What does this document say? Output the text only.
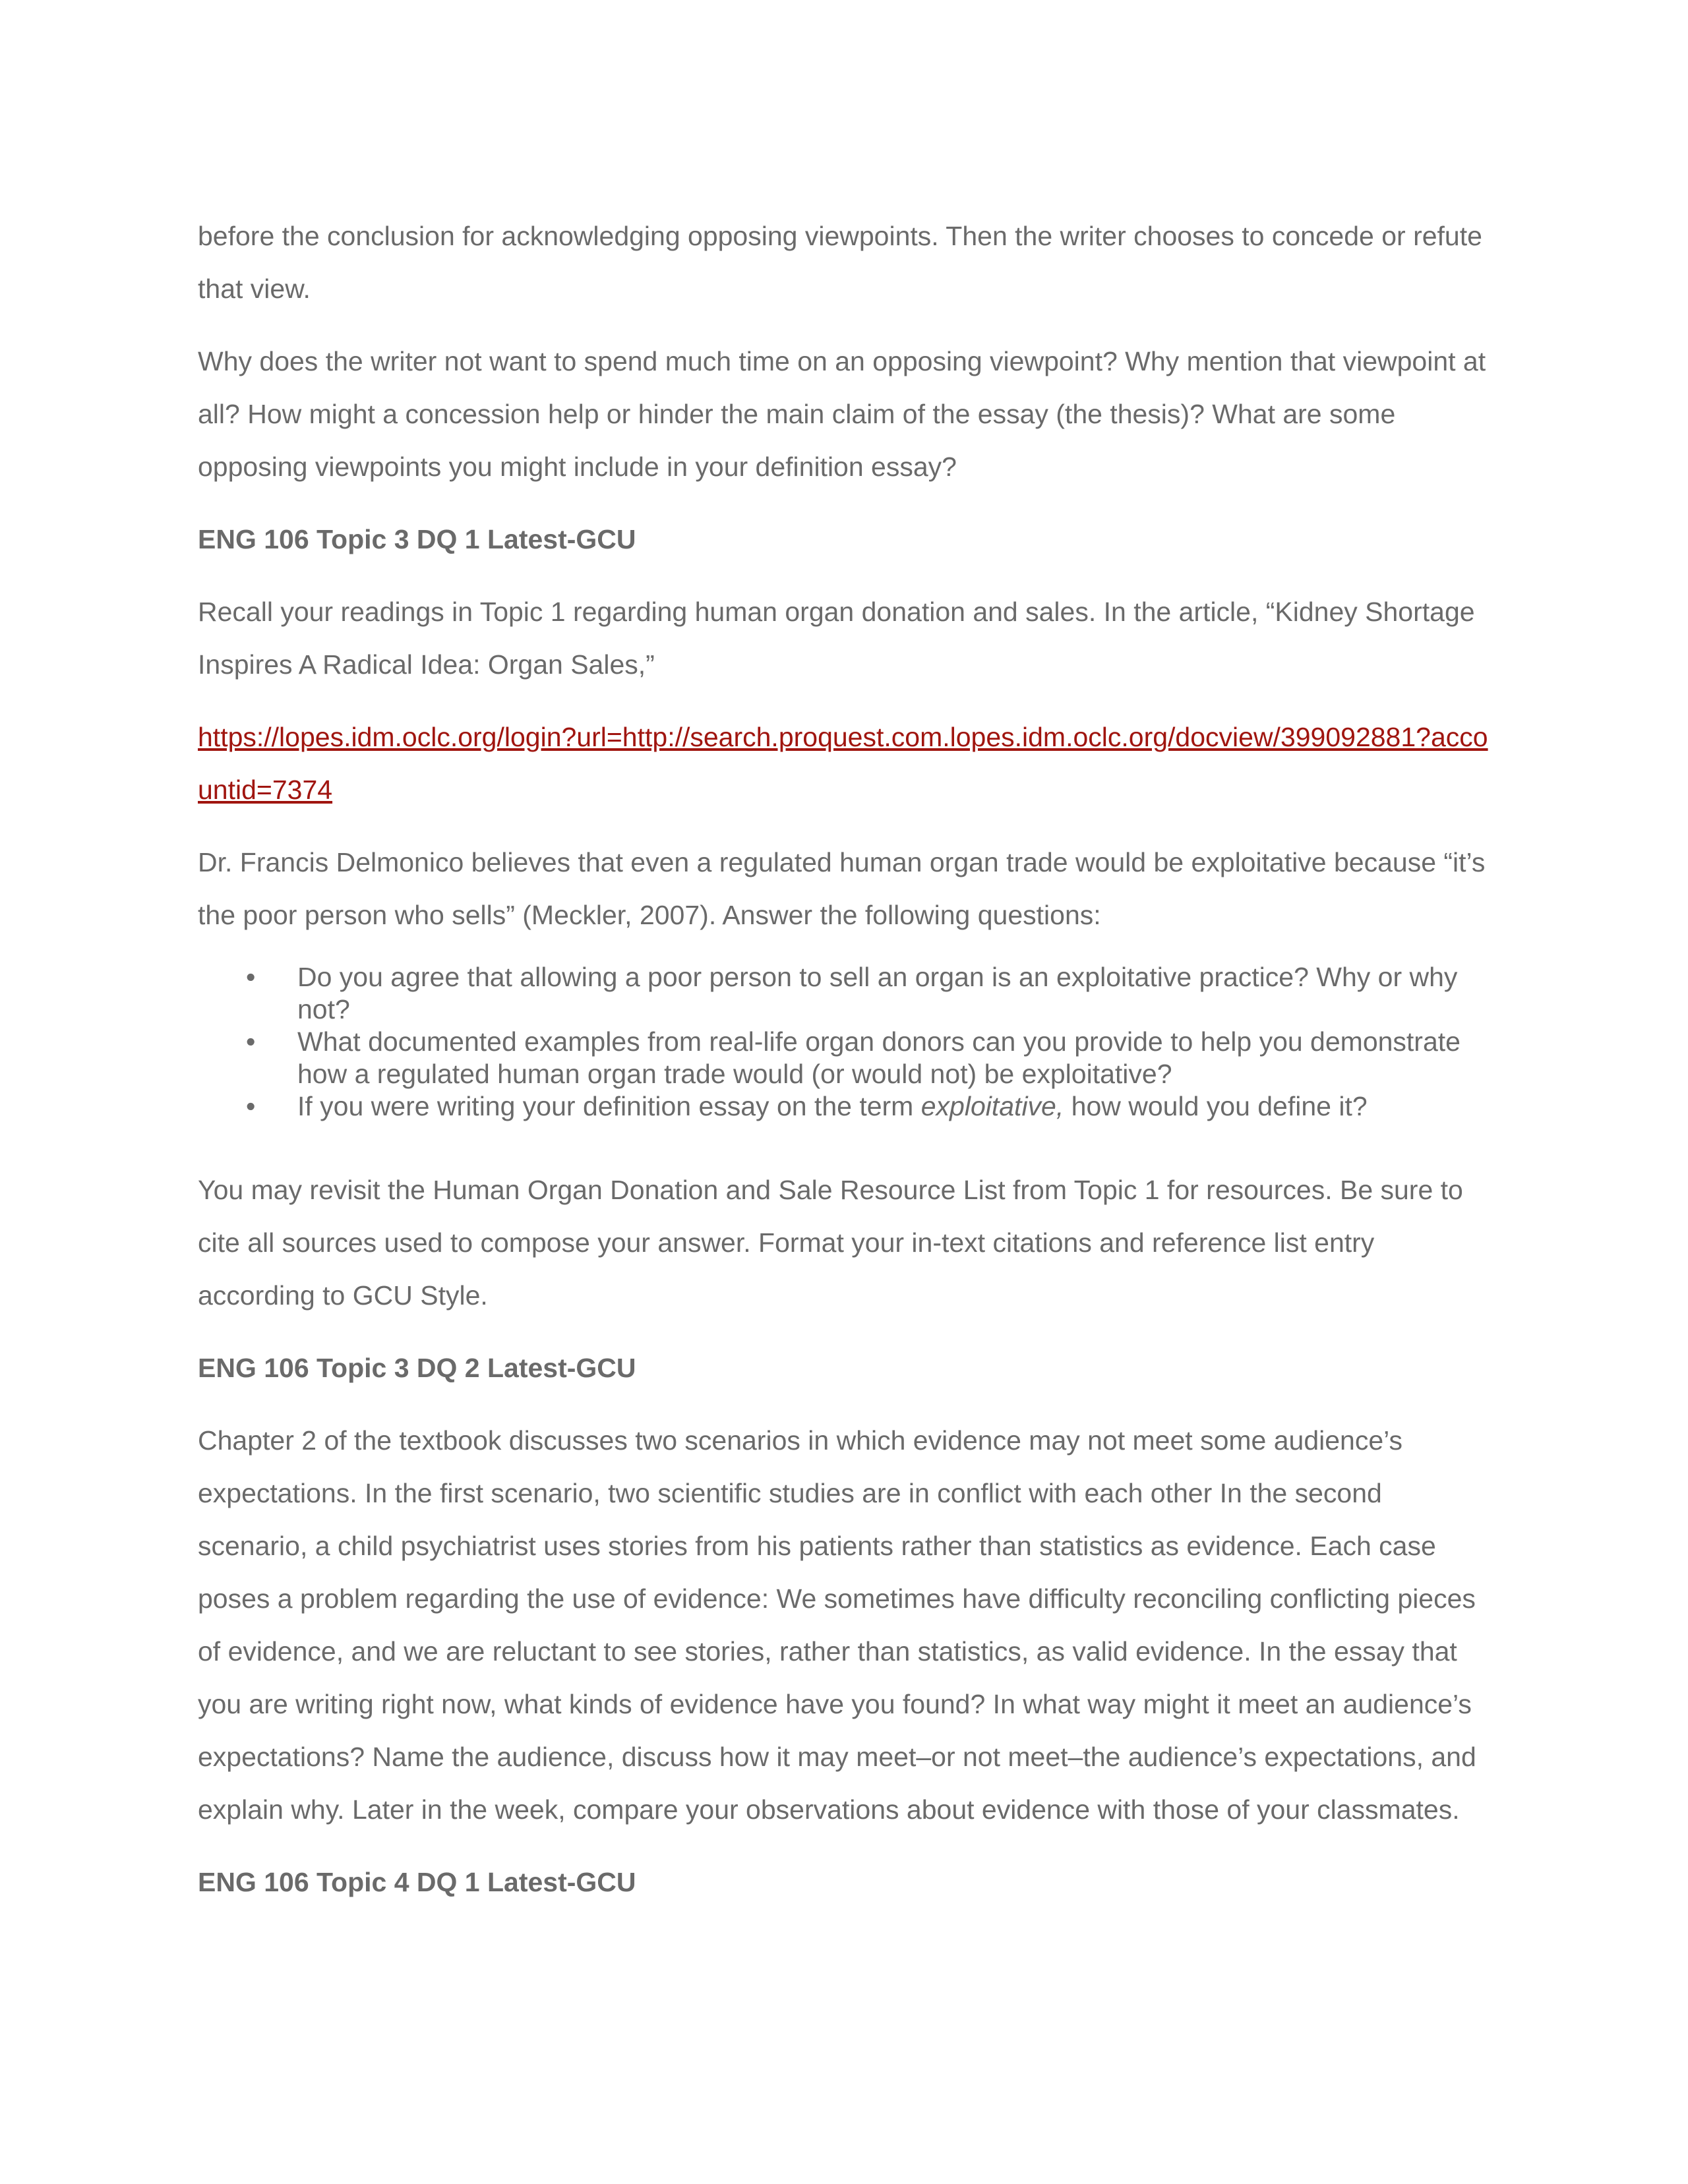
before the conclusion for acknowledging opposing viewpoints. Then the writer chooses to concede or refute that view.

Why does the writer not want to spend much time on an opposing viewpoint? Why mention that viewpoint at all? How might a concession help or hinder the main claim of the essay (the thesis)? What are some opposing viewpoints you might include in your definition essay?

ENG 106 Topic 3 DQ 1 Latest-GCU

Recall your readings in Topic 1 regarding human organ donation and sales. In the article, “Kidney Shortage Inspires A Radical Idea: Organ Sales,”

https://lopes.idm.oclc.org/login?url=http://search.proquest.com.lopes.idm.oclc.org/docview/399092881?accountid=7374

Dr. Francis Delmonico believes that even a regulated human organ trade would be exploitative because “it’s the poor person who sells” (Meckler, 2007). Answer the following questions:

• Do you agree that allowing a poor person to sell an organ is an exploitative practice? Why or why not?
• What documented examples from real-life organ donors can you provide to help you demonstrate how a regulated human organ trade would (or would not) be exploitative?
• If you were writing your definition essay on the term exploitative, how would you define it?

You may revisit the Human Organ Donation and Sale Resource List from Topic 1 for resources. Be sure to cite all sources used to compose your answer. Format your in-text citations and reference list entry according to GCU Style.

ENG 106 Topic 3 DQ 2 Latest-GCU

Chapter 2 of the textbook discusses two scenarios in which evidence may not meet some audience’s expectations. In the first scenario, two scientific studies are in conflict with each other In the second scenario, a child psychiatrist uses stories from his patients rather than statistics as evidence. Each case poses a problem regarding the use of evidence: We sometimes have difficulty reconciling conflicting pieces of evidence, and we are reluctant to see stories, rather than statistics, as valid evidence. In the essay that you are writing right now, what kinds of evidence have you found? In what way might it meet an audience’s expectations? Name the audience, discuss how it may meet–or not meet–the audience’s expectations, and explain why. Later in the week, compare your observations about evidence with those of your classmates.

ENG 106 Topic 4 DQ 1 Latest-GCU
